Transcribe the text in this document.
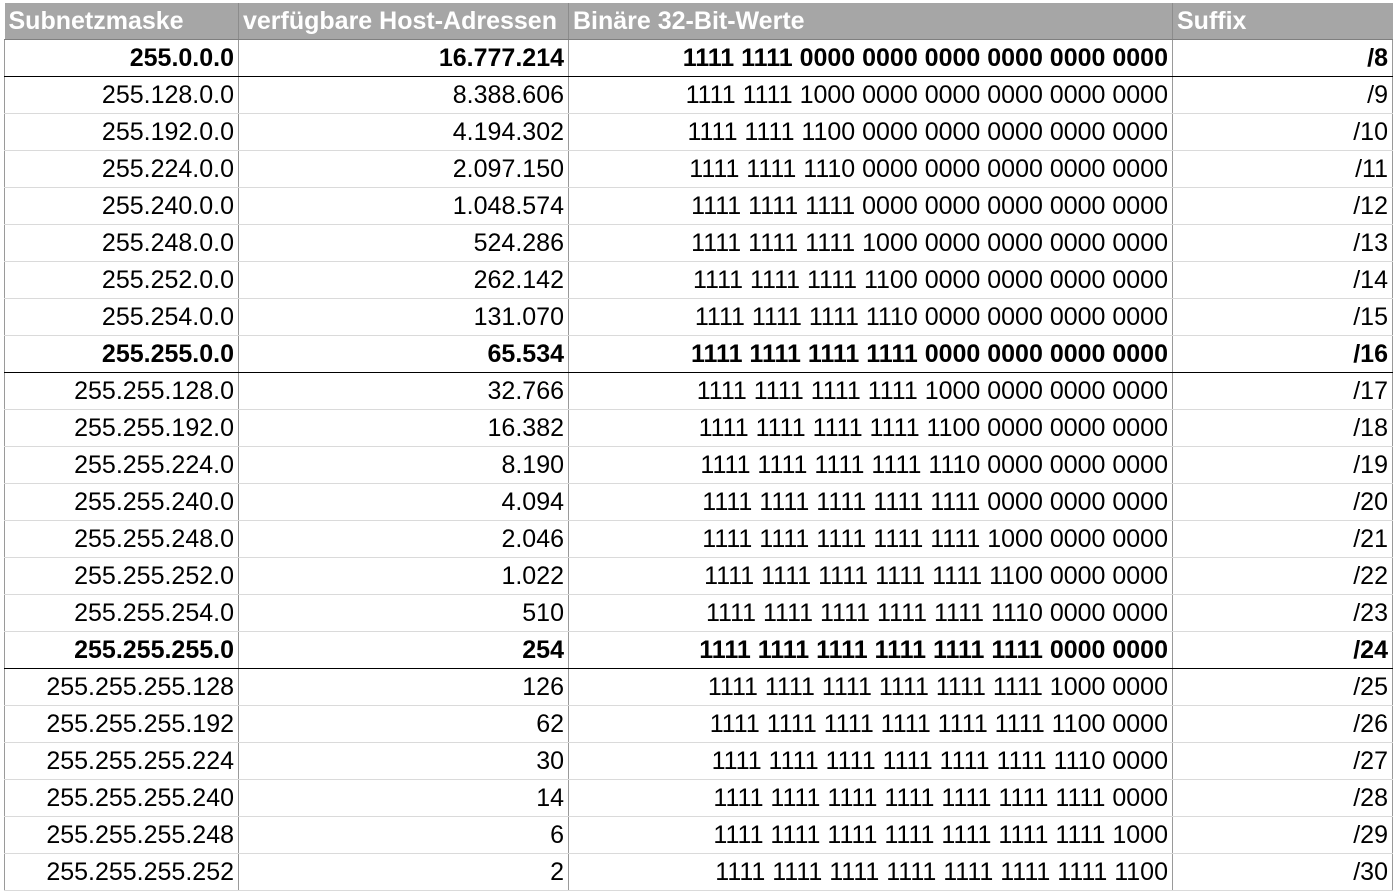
Subnetzmaske	verfügbare Host-Adressen	Binäre 32-Bit-Werte	Suffix
255.0.0.0	16.777.214	1111 1111 0000 0000 0000 0000 0000 0000	/8
255.128.0.0	8.388.606	1111 1111 1000 0000 0000 0000 0000 0000	/9
255.192.0.0	4.194.302	1111 1111 1100 0000 0000 0000 0000 0000	/10
255.224.0.0	2.097.150	1111 1111 1110 0000 0000 0000 0000 0000	/11
255.240.0.0	1.048.574	1111 1111 1111 0000 0000 0000 0000 0000	/12
255.248.0.0	524.286	1111 1111 1111 1000 0000 0000 0000 0000	/13
255.252.0.0	262.142	1111 1111 1111 1100 0000 0000 0000 0000	/14
255.254.0.0	131.070	1111 1111 1111 1110 0000 0000 0000 0000	/15
255.255.0.0	65.534	1111 1111 1111 1111 0000 0000 0000 0000	/16
255.255.128.0	32.766	1111 1111 1111 1111 1000 0000 0000 0000	/17
255.255.192.0	16.382	1111 1111 1111 1111 1100 0000 0000 0000	/18
255.255.224.0	8.190	1111 1111 1111 1111 1110 0000 0000 0000	/19
255.255.240.0	4.094	1111 1111 1111 1111 1111 0000 0000 0000	/20
255.255.248.0	2.046	1111 1111 1111 1111 1111 1000 0000 0000	/21
255.255.252.0	1.022	1111 1111 1111 1111 1111 1100 0000 0000	/22
255.255.254.0	510	1111 1111 1111 1111 1111 1110 0000 0000	/23
255.255.255.0	254	1111 1111 1111 1111 1111 1111 0000 0000	/24
255.255.255.128	126	1111 1111 1111 1111 1111 1111 1000 0000	/25
255.255.255.192	62	1111 1111 1111 1111 1111 1111 1100 0000	/26
255.255.255.224	30	1111 1111 1111 1111 1111 1111 1110 0000	/27
255.255.255.240	14	1111 1111 1111 1111 1111 1111 1111 0000	/28
255.255.255.248	6	1111 1111 1111 1111 1111 1111 1111 1000	/29
255.255.255.252	2	1111 1111 1111 1111 1111 1111 1111 1100	/30
